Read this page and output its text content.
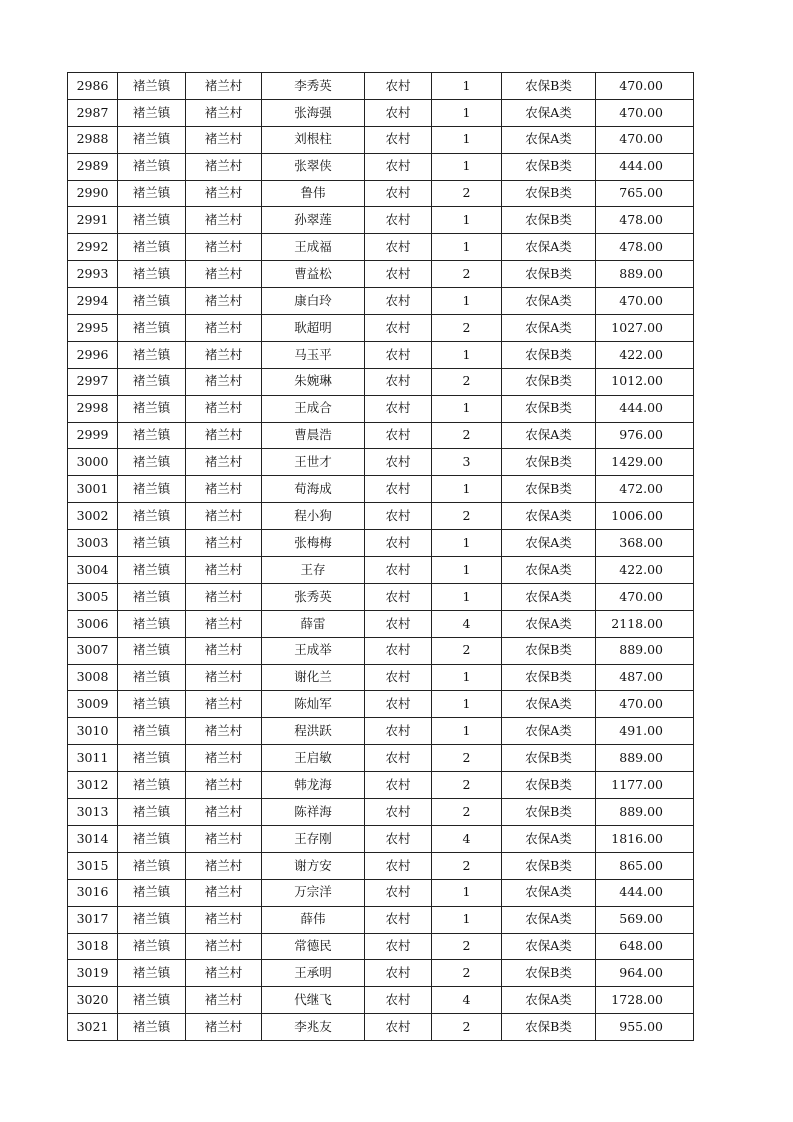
2986	褚兰镇	褚兰村	李秀英	农村	1	农保B类	470.00
2987	褚兰镇	褚兰村	张海强	农村	1	农保A类	470.00
2988	褚兰镇	褚兰村	刘根柱	农村	1	农保A类	470.00
2989	褚兰镇	褚兰村	张翠侠	农村	1	农保B类	444.00
2990	褚兰镇	褚兰村	鲁伟	农村	2	农保B类	765.00
2991	褚兰镇	褚兰村	孙翠莲	农村	1	农保B类	478.00
2992	褚兰镇	褚兰村	王成福	农村	1	农保A类	478.00
2993	褚兰镇	褚兰村	曹益松	农村	2	农保B类	889.00
2994	褚兰镇	褚兰村	康白玲	农村	1	农保A类	470.00
2995	褚兰镇	褚兰村	耿超明	农村	2	农保A类	1027.00
2996	褚兰镇	褚兰村	马玉平	农村	1	农保B类	422.00
2997	褚兰镇	褚兰村	朱婉琳	农村	2	农保B类	1012.00
2998	褚兰镇	褚兰村	王成合	农村	1	农保B类	444.00
2999	褚兰镇	褚兰村	曹晨浩	农村	2	农保A类	976.00
3000	褚兰镇	褚兰村	王世才	农村	3	农保B类	1429.00
3001	褚兰镇	褚兰村	荀海成	农村	1	农保B类	472.00
3002	褚兰镇	褚兰村	程小狗	农村	2	农保A类	1006.00
3003	褚兰镇	褚兰村	张梅梅	农村	1	农保A类	368.00
3004	褚兰镇	褚兰村	王存	农村	1	农保A类	422.00
3005	褚兰镇	褚兰村	张秀英	农村	1	农保A类	470.00
3006	褚兰镇	褚兰村	薛雷	农村	4	农保A类	2118.00
3007	褚兰镇	褚兰村	王成举	农村	2	农保B类	889.00
3008	褚兰镇	褚兰村	谢化兰	农村	1	农保B类	487.00
3009	褚兰镇	褚兰村	陈灿军	农村	1	农保A类	470.00
3010	褚兰镇	褚兰村	程洪跃	农村	1	农保A类	491.00
3011	褚兰镇	褚兰村	王启敏	农村	2	农保B类	889.00
3012	褚兰镇	褚兰村	韩龙海	农村	2	农保B类	1177.00
3013	褚兰镇	褚兰村	陈祥海	农村	2	农保B类	889.00
3014	褚兰镇	褚兰村	王存刚	农村	4	农保A类	1816.00
3015	褚兰镇	褚兰村	谢方安	农村	2	农保B类	865.00
3016	褚兰镇	褚兰村	万宗洋	农村	1	农保A类	444.00
3017	褚兰镇	褚兰村	薛伟	农村	1	农保A类	569.00
3018	褚兰镇	褚兰村	常德民	农村	2	农保A类	648.00
3019	褚兰镇	褚兰村	王承明	农村	2	农保B类	964.00
3020	褚兰镇	褚兰村	代继飞	农村	4	农保A类	1728.00
3021	褚兰镇	褚兰村	李兆友	农村	2	农保B类	955.00
